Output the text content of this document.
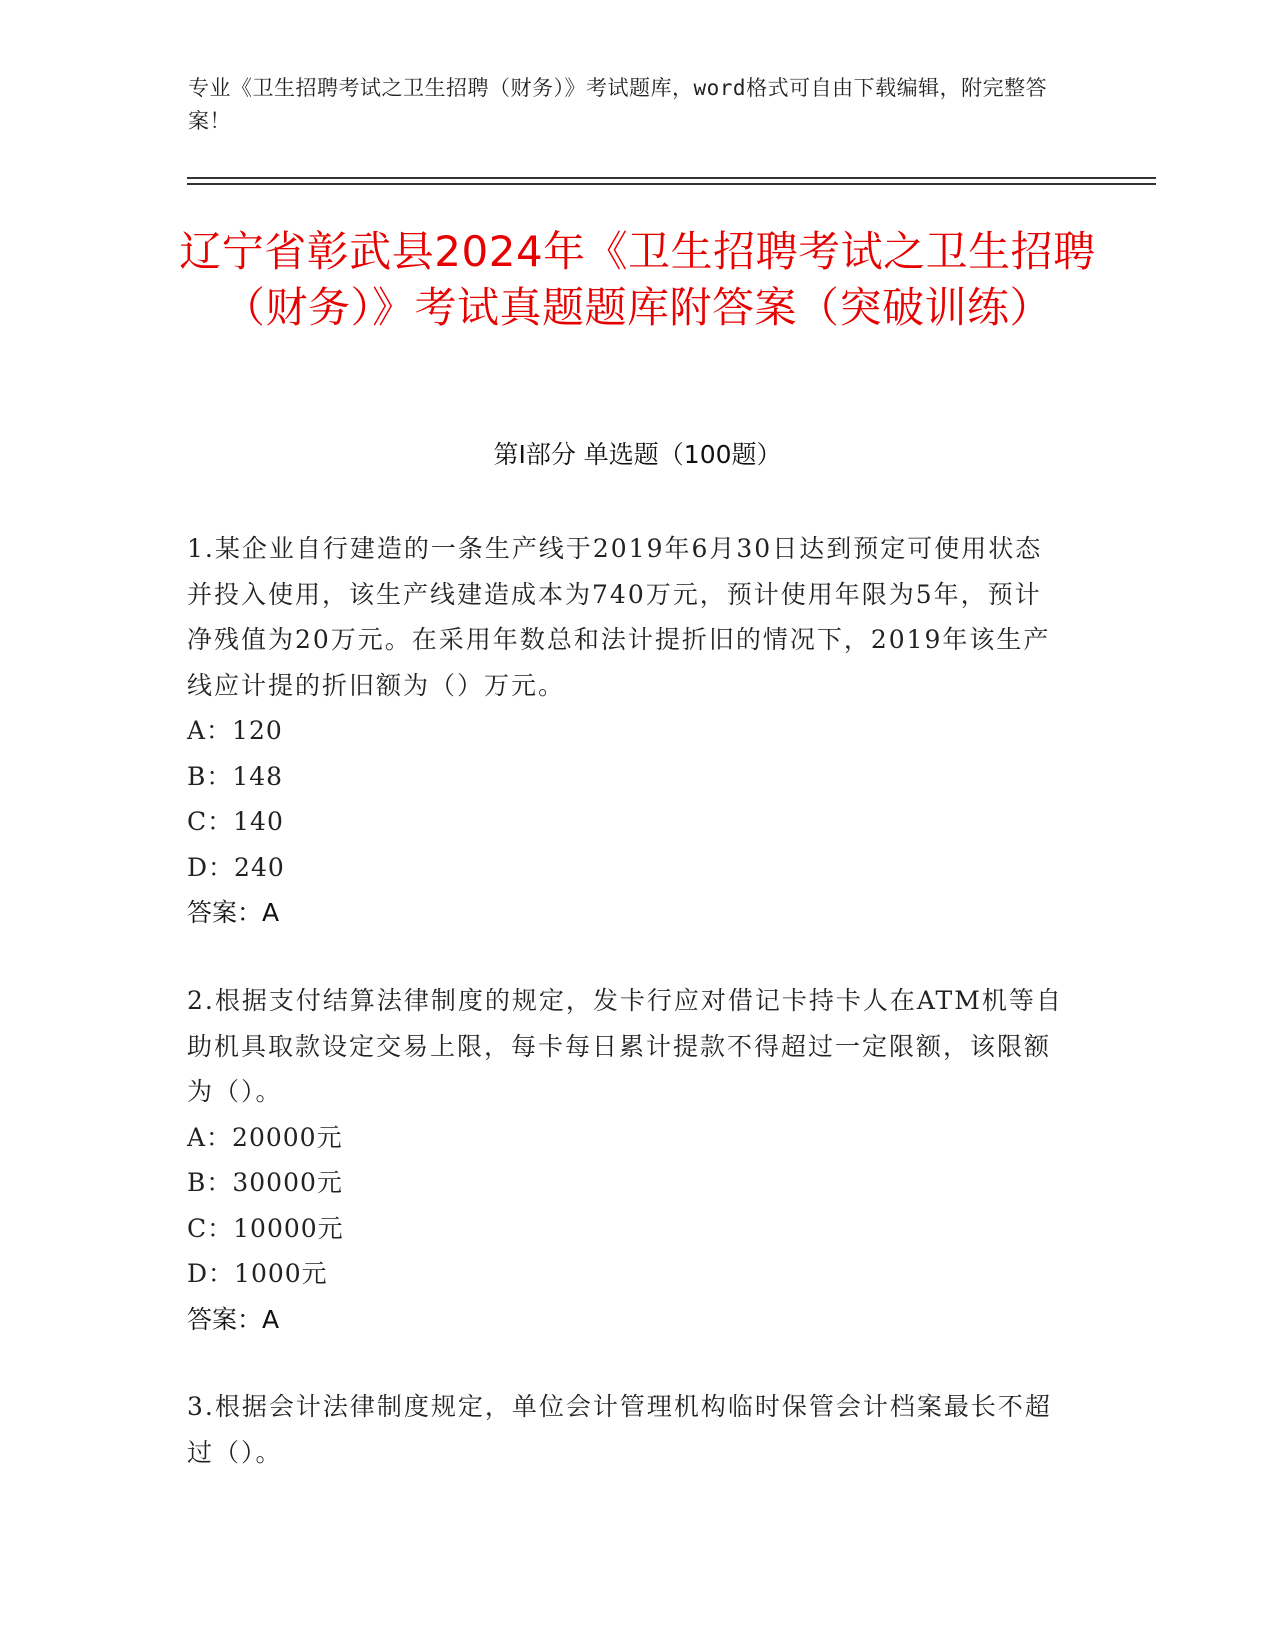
专业《卫生招聘考试之卫生招聘（财务）》考试题库，word格式可自由下载编辑，附完整答案！
辽宁省彰武县2024年《卫生招聘考试之卫生招聘（财务）》考试真题题库附答案（突破训练）
第Ⅰ部分 单选题（100题）
1.某企业自行建造的一条生产线于2019年6月30日达到预定可使用状态并投入使用，该生产线建造成本为740万元，预计使用年限为5年，预计净残值为20万元。在采用年数总和法计提折旧的情况下，2019年该生产线应计提的折旧额为（）万元。
A：120
B：148
C：140
D：240
答案：A
2.根据支付结算法律制度的规定，发卡行应对借记卡持卡人在ATM机等自助机具取款设定交易上限，每卡每日累计提款不得超过一定限额，该限额为（）。
A：20000元
B：30000元
C：10000元
D：1000元
答案：A
3.根据会计法律制度规定，单位会计管理机构临时保管会计档案最长不超过（）。
